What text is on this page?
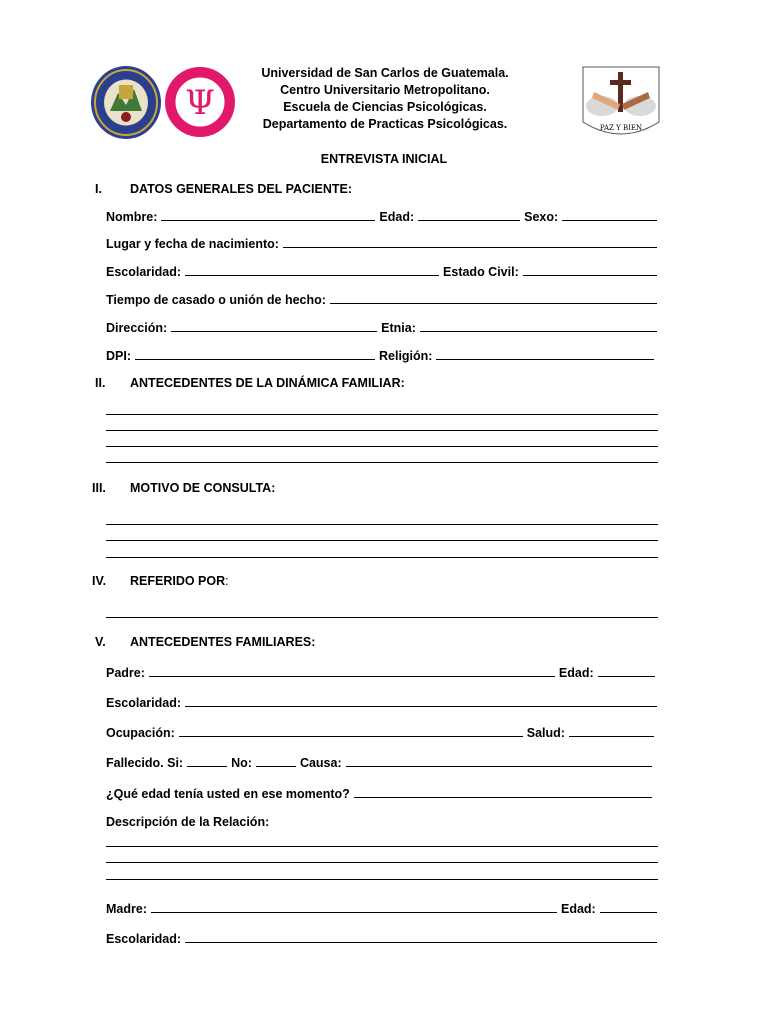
Ψ
PAZ Y BIEN
Universidad de San Carlos de Guatemala.
Centro Universitario Metropolitano.
Escuela de Ciencias Psicológicas.
Departamento de Practicas Psicológicas.
ENTREVISTA INICIAL
I. DATOS GENERALES DEL PACIENTE:
Nombre:	Edad:	Sexo:
Lugar y fecha de nacimiento:
Escolaridad:	Estado Civil:
Tiempo de casado o unión de hecho:
Dirección:	Etnia:
DPI:	Religión:
II. ANTECEDENTES DE LA DINÁMICA FAMILIAR:
III. MOTIVO DE CONSULTA:
IV. REFERIDO POR:
V. ANTECEDENTES FAMILIARES:
Padre:	Edad:
Escolaridad:
Ocupación:	Salud:
Fallecido. Si:	No:	Causa:
¿Qué edad tenía usted en ese momento?
Descripción de la Relación:
Madre:	Edad:
Escolaridad:
